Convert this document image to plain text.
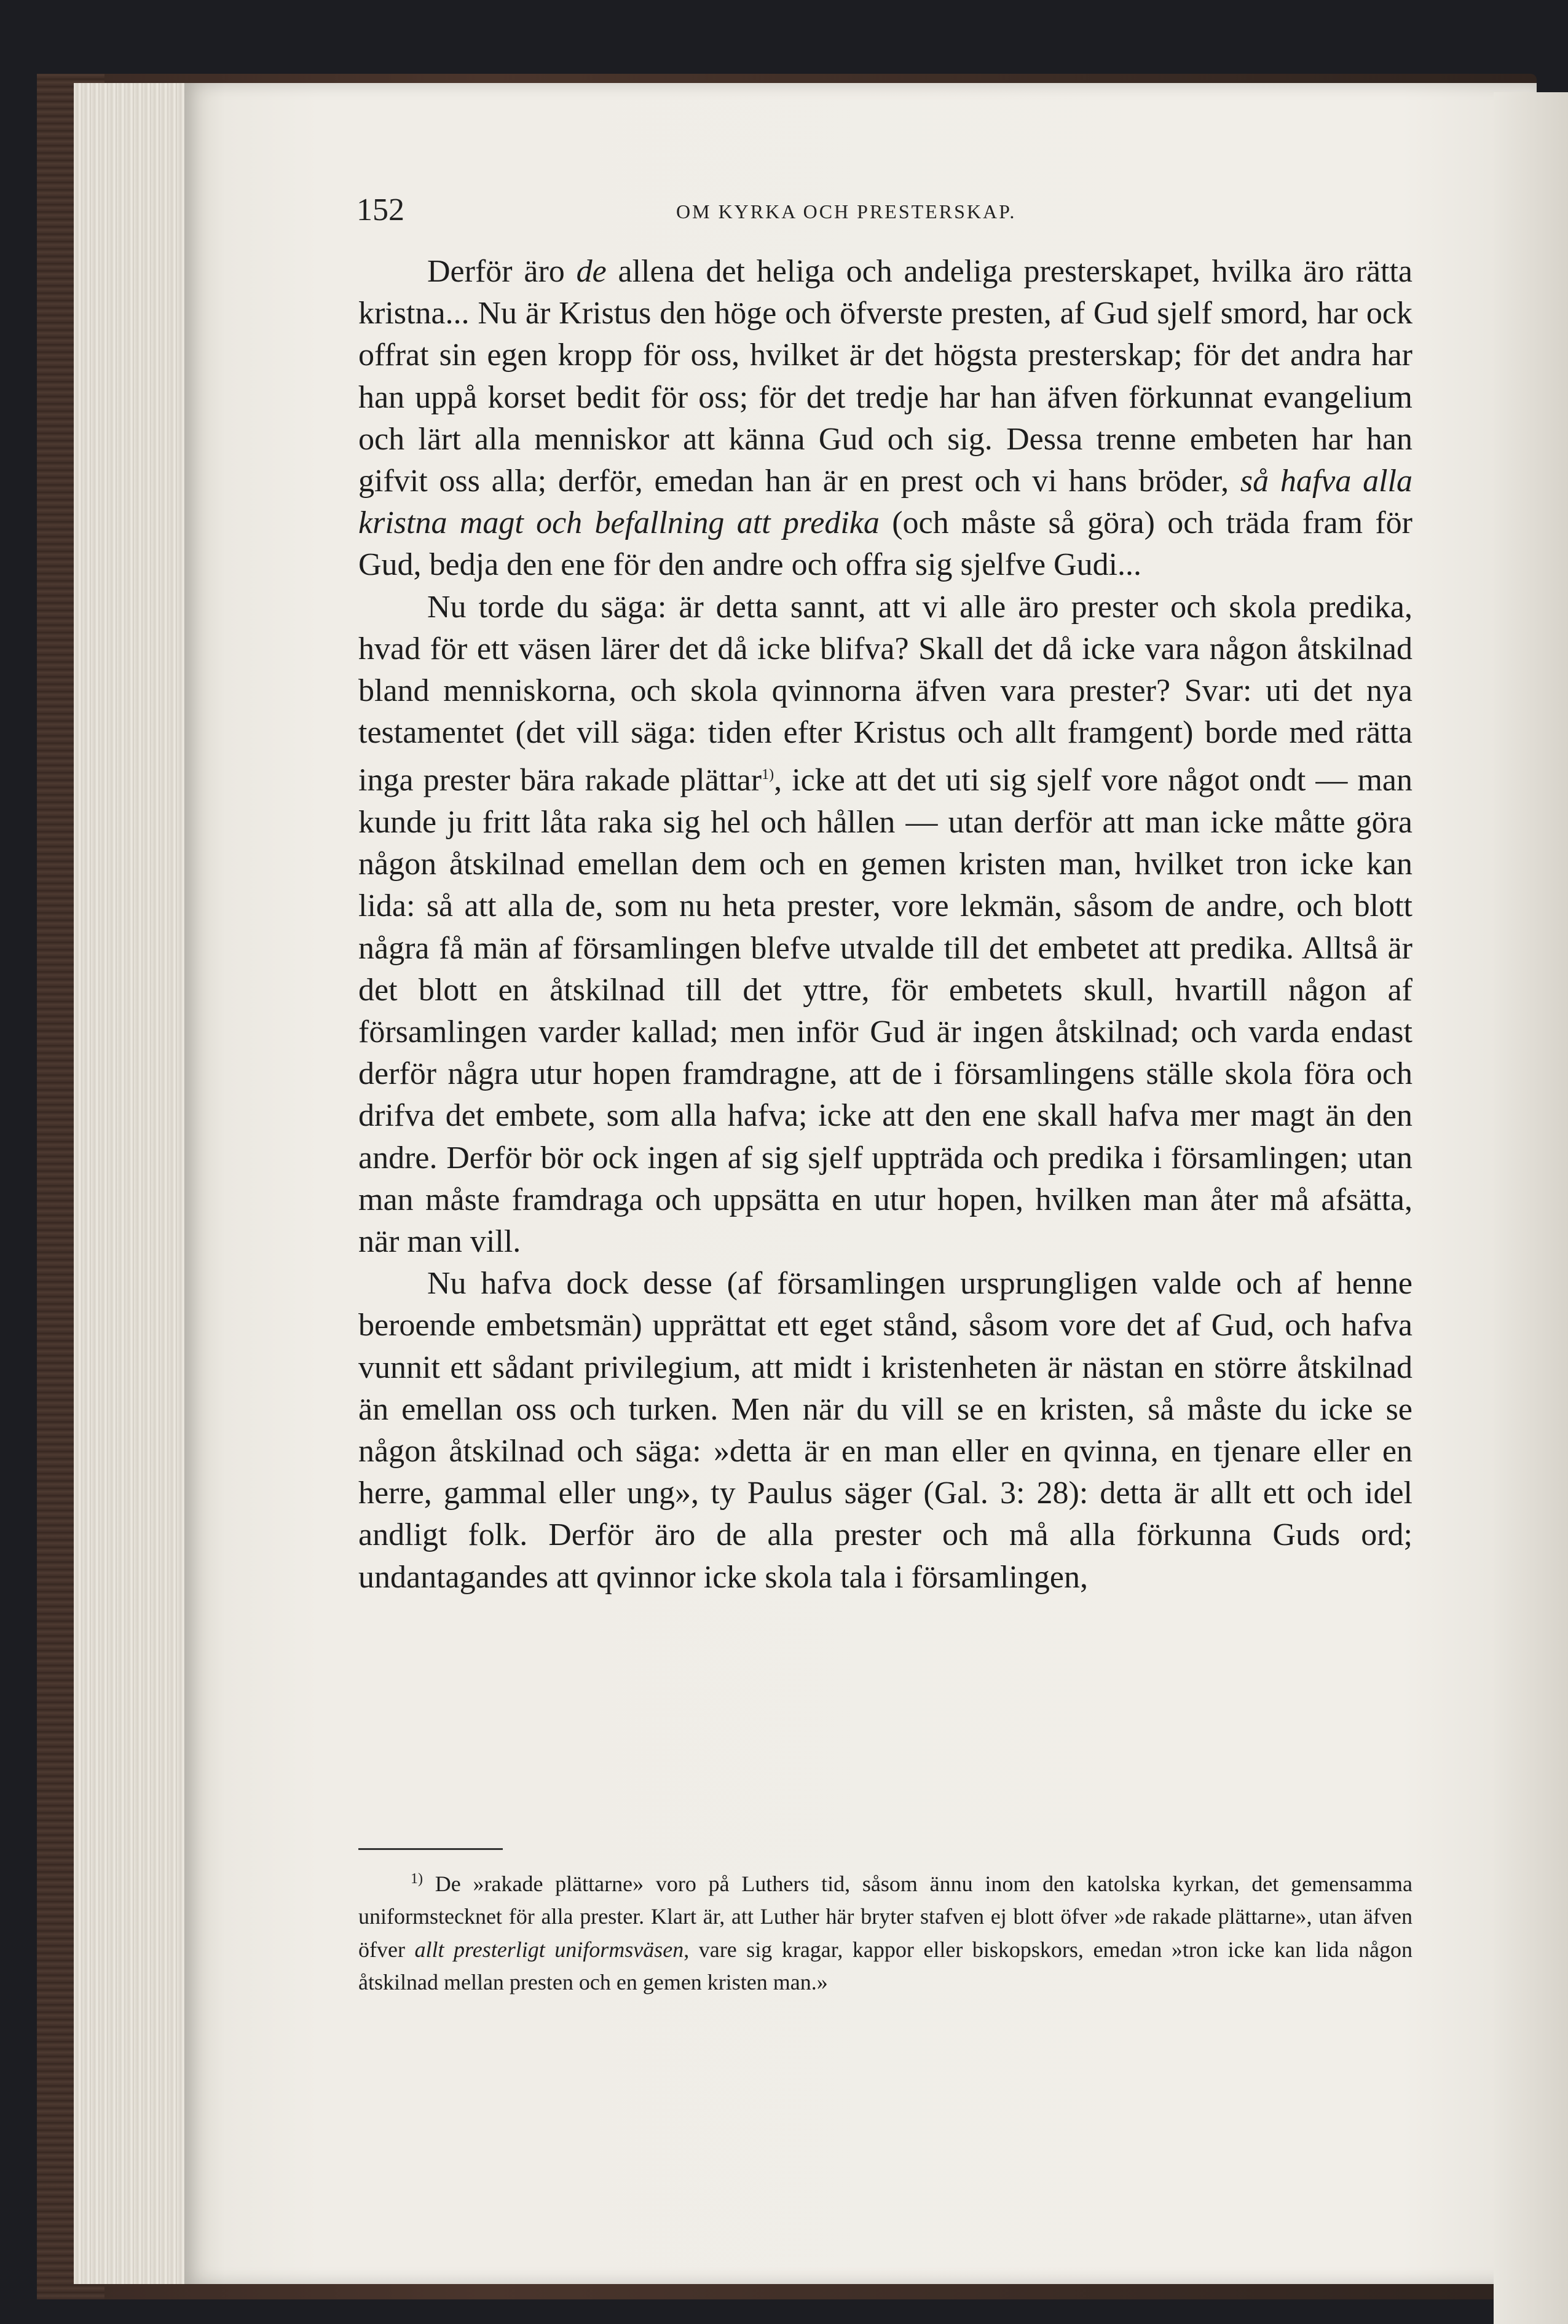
152	OM KYRKA OCH PRESTERSKAP.

Derför äro de allena det heliga och andeliga presterskapet, hvilka äro rätta kristna... Nu är Kristus den höge och öfverste presten, af Gud sjelf smord, har ock offrat sin egen kropp för oss, hvilket är det högsta presterskap; för det andra har han uppå korset bedit för oss; för det tredje har han äfven förkunnat evangelium och lärt alla menniskor att känna Gud och sig. Dessa trenne embeten har han gifvit oss alla; derför, emedan han är en prest och vi hans bröder, så hafva alla kristna magt och befallning att predika (och måste så göra) och träda fram för Gud, bedja den ene för den andre och offra sig sjelfve Gudi...

Nu torde du säga: är detta sannt, att vi alle äro prester och skola predika, hvad för ett väsen lärer det då icke blifva? Skall det då icke vara någon åtskilnad bland menniskorna, och skola qvinnorna äfven vara prester? Svar: uti det nya testamentet (det vill säga: tiden efter Kristus och allt framgent) borde med rätta inga prester bära rakade plättar$^{1)}$, icke att det uti sig sjelf vore något ondt — man kunde ju fritt låta raka sig hel och hållen — utan derför att man icke måtte göra någon åtskilnad emellan dem och en gemen kristen man, hvilket tron icke kan lida: så att alla de, som nu heta prester, vore lekmän, såsom de andre, och blott några få män af församlingen blefve utvalde till det embetet att predika. Alltså är det blott en åtskilnad till det yttre, för embetets skull, hvartill någon af församlingen varder kallad; men inför Gud är ingen åtskilnad; och varda endast derför några utur hopen framdragne, att de i församlingens ställe skola föra och drifva det embete, som alla hafva; icke att den ene skall hafva mer magt än den andre. Derför bör ock ingen af sig sjelf uppträda och predika i församlingen; utan man måste framdraga och uppsätta en utur hopen, hvilken man åter må afsätta, när man vill.

Nu hafva dock desse (af församlingen ursprungligen valde och af henne beroende embetsmän) upprättat ett eget stånd, såsom vore det af Gud, och hafva vunnit ett sådant privilegium, att midt i kristenheten är nästan en större åtskilnad än emellan oss och turken. Men när du vill se en kristen, så måste du icke se någon åtskilnad och säga: »detta är en man eller en qvinna, en tjenare eller en herre, gammal eller ung», ty Paulus säger (Gal. 3: 28): detta är allt ett och idel andligt folk. Derför äro de alla prester och må alla förkunna Guds ord; undantagandes att qvinnor icke skola tala i församlingen,

$^{1)}$ De »rakade plättarne» voro på Luthers tid, såsom ännu inom den katolska kyrkan, det gemensamma uniformstecknet för alla prester. Klart är, att Luther här bryter stafven ej blott öfver »de rakade plättarne», utan äfven öfver allt presterligt uniformsväsen, vare sig kragar, kappor eller biskopskors, emedan »tron icke kan lida någon åtskilnad mellan presten och en gemen kristen man.»
